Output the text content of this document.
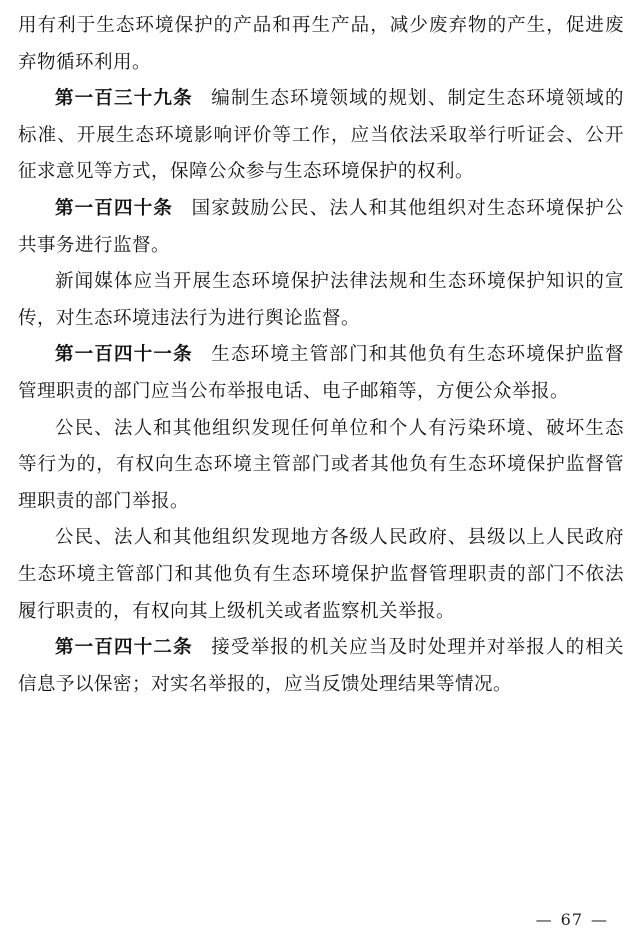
用有利于生态环境保护的产品和再生产品，减少废弃物的产生，促进废弃物循环利用。

第一百三十九条 编制生态环境领域的规划、制定生态环境领域的标准、开展生态环境影响评价等工作，应当依法采取举行听证会、公开征求意见等方式，保障公众参与生态环境保护的权利。

第一百四十条 国家鼓励公民、法人和其他组织对生态环境保护公共事务进行监督。

新闻媒体应当开展生态环境保护法律法规和生态环境保护知识的宣传，对生态环境违法行为进行舆论监督。

第一百四十一条 生态环境主管部门和其他负有生态环境保护监督管理职责的部门应当公布举报电话、电子邮箱等，方便公众举报。

公民、法人和其他组织发现任何单位和个人有污染环境、破坏生态等行为的，有权向生态环境主管部门或者其他负有生态环境保护监督管理职责的部门举报。

公民、法人和其他组织发现地方各级人民政府、县级以上人民政府生态环境主管部门和其他负有生态环境保护监督管理职责的部门不依法履行职责的，有权向其上级机关或者监察机关举报。

第一百四十二条 接受举报的机关应当及时处理并对举报人的相关信息予以保密；对实名举报的，应当反馈处理结果等情况。

— 67 —
